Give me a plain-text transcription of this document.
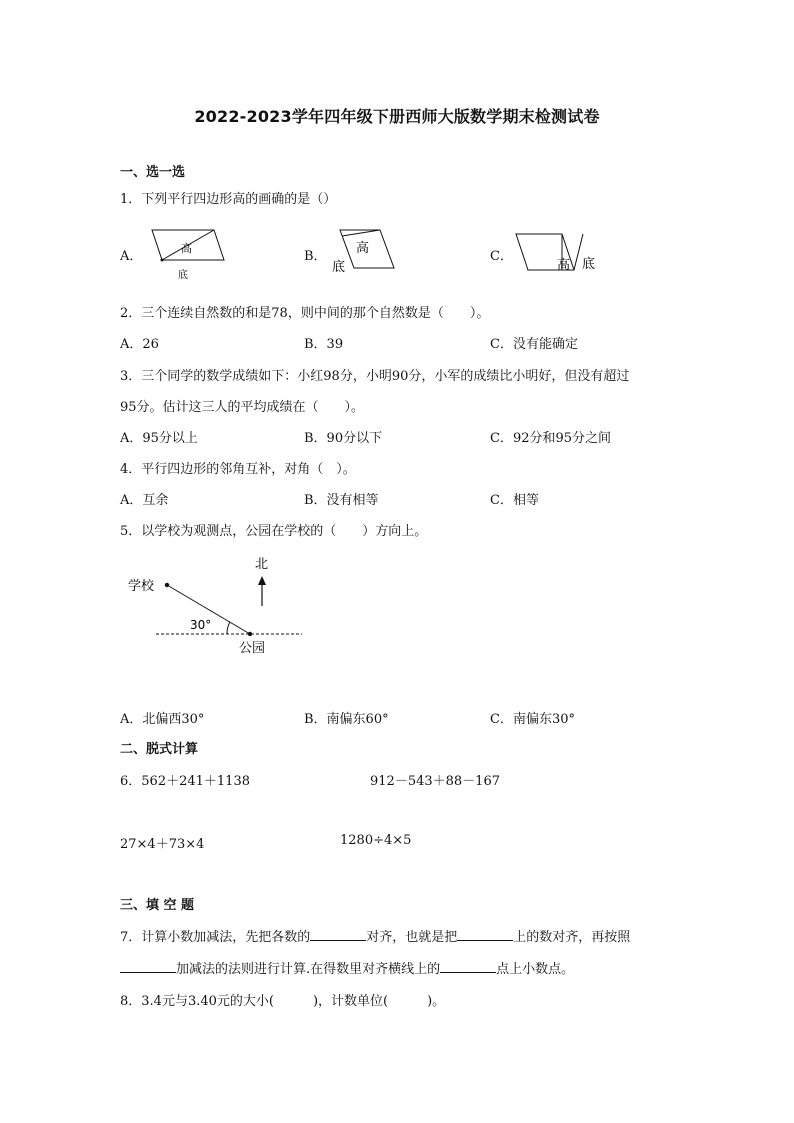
2022-2023学年四年级下册西师大版数学期末检测试卷
一、选一选
1．下列平行四边形高的画确的是（）
A．
高
底
B．
高
底
C．
高 底
2．三个连续自然数的和是78，则中间的那个自然数是（　　）。
A．26	B．39	C．没有能确定
3．三个同学的数学成绩如下：小红98分，小明90分，小军的成绩比小明好，但没有超过
95分。估计这三人的平均成绩在（　　）。
A．95分以上	B．90分以下	C．92分和95分之间
4．平行四边形的邻角互补，对角（　）。
A．互余	B．没有相等	C．相等
5．以学校为观测点，公园在学校的（　　）方向上。
学校
北
30°
公园
A．北偏西30°	B．南偏东60°	C．南偏东30°
二、脱式计算
6．562＋241＋1138	912－543＋88－167
27×4＋73×4	1280÷4×5
三、填 空 题
7．计算小数加减法，先把各数的	对齐，也就是把	上的数对齐，再按照
加减法的法则进行计算.在得数里对齐横线上的	点上小数点。
8．3.4元与3.40元的大小(　　　)，计数单位(　　　)。
